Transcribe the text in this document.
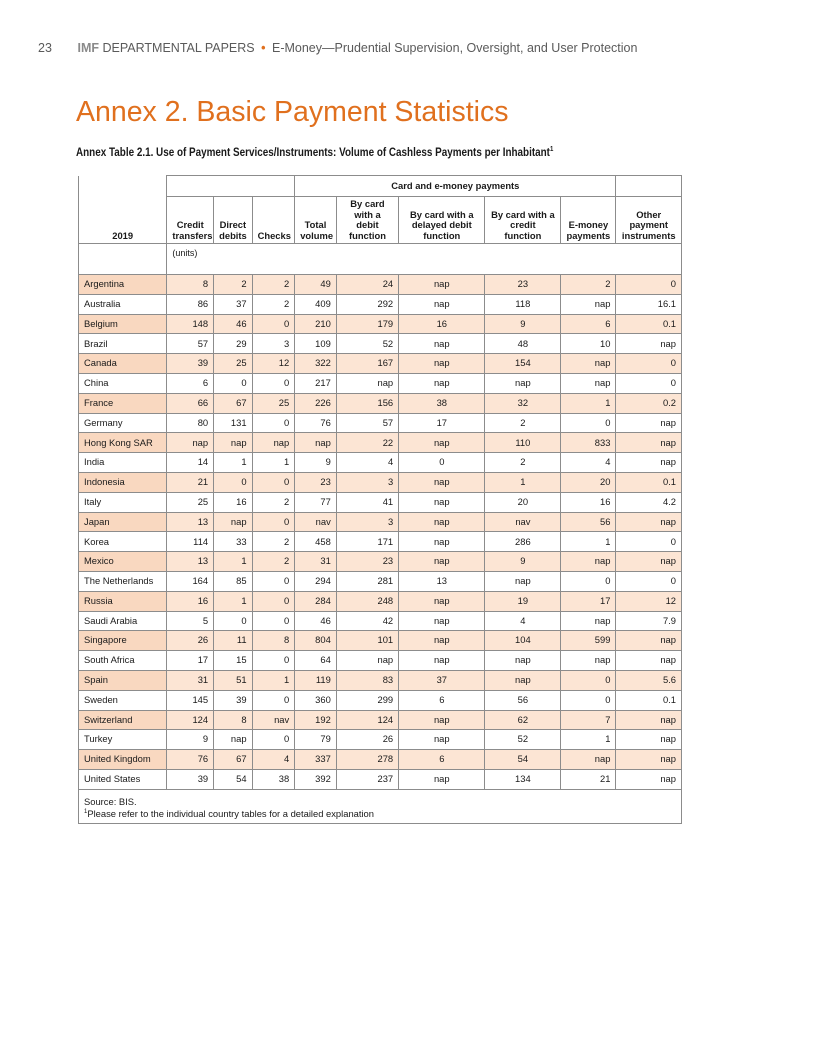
23 IMF DEPARTMENTAL PAPERS • E-Money—Prudential Supervision, Oversight, and User Protection
Annex 2. Basic Payment Statistics
Annex Table 2.1. Use of Payment Services/Instruments: Volume of Cashless Payments per Inhabitant$^1$
				Card and e-money payments					
2019	Credit transfers	Direct debits	Checks	Total volume	By card with a debit function	By card with a delayed debit function	By card with a credit function	E-money payments	Other payment instruments
	(units)								
Argentina	8	2	2	49	24	nap	23	2	0
Australia	86	37	2	409	292	nap	118	nap	16.1
Belgium	148	46	0	210	179	16	9	6	0.1
Brazil	57	29	3	109	52	nap	48	10	nap
Canada	39	25	12	322	167	nap	154	nap	0
China	6	0	0	217	nap	nap	nap	nap	0
France	66	67	25	226	156	38	32	1	0.2
Germany	80	131	0	76	57	17	2	0	nap
Hong Kong SAR	nap	nap	nap	nap	22	nap	110	833	nap
India	14	1	1	9	4	0	2	4	nap
Indonesia	21	0	0	23	3	nap	1	20	0.1
Italy	25	16	2	77	41	nap	20	16	4.2
Japan	13	nap	0	nav	3	nap	nav	56	nap
Korea	114	33	2	458	171	nap	286	1	0
Mexico	13	1	2	31	23	nap	9	nap	nap
The Netherlands	164	85	0	294	281	13	nap	0	0
Russia	16	1	0	284	248	nap	19	17	12
Saudi Arabia	5	0	0	46	42	nap	4	nap	7.9
Singapore	26	11	8	804	101	nap	104	599	nap
South Africa	17	15	0	64	nap	nap	nap	nap	nap
Spain	31	51	1	119	83	37	nap	0	5.6
Sweden	145	39	0	360	299	6	56	0	0.1
Switzerland	124	8	nav	192	124	nap	62	7	nap
Turkey	9	nap	0	79	26	nap	52	1	nap
United Kingdom	76	67	4	337	278	6	54	nap	nap
United States	39	54	38	392	237	nap	134	21	nap

Source: BIS.
$^1$Please refer to the individual country tables for a detailed explanation									
